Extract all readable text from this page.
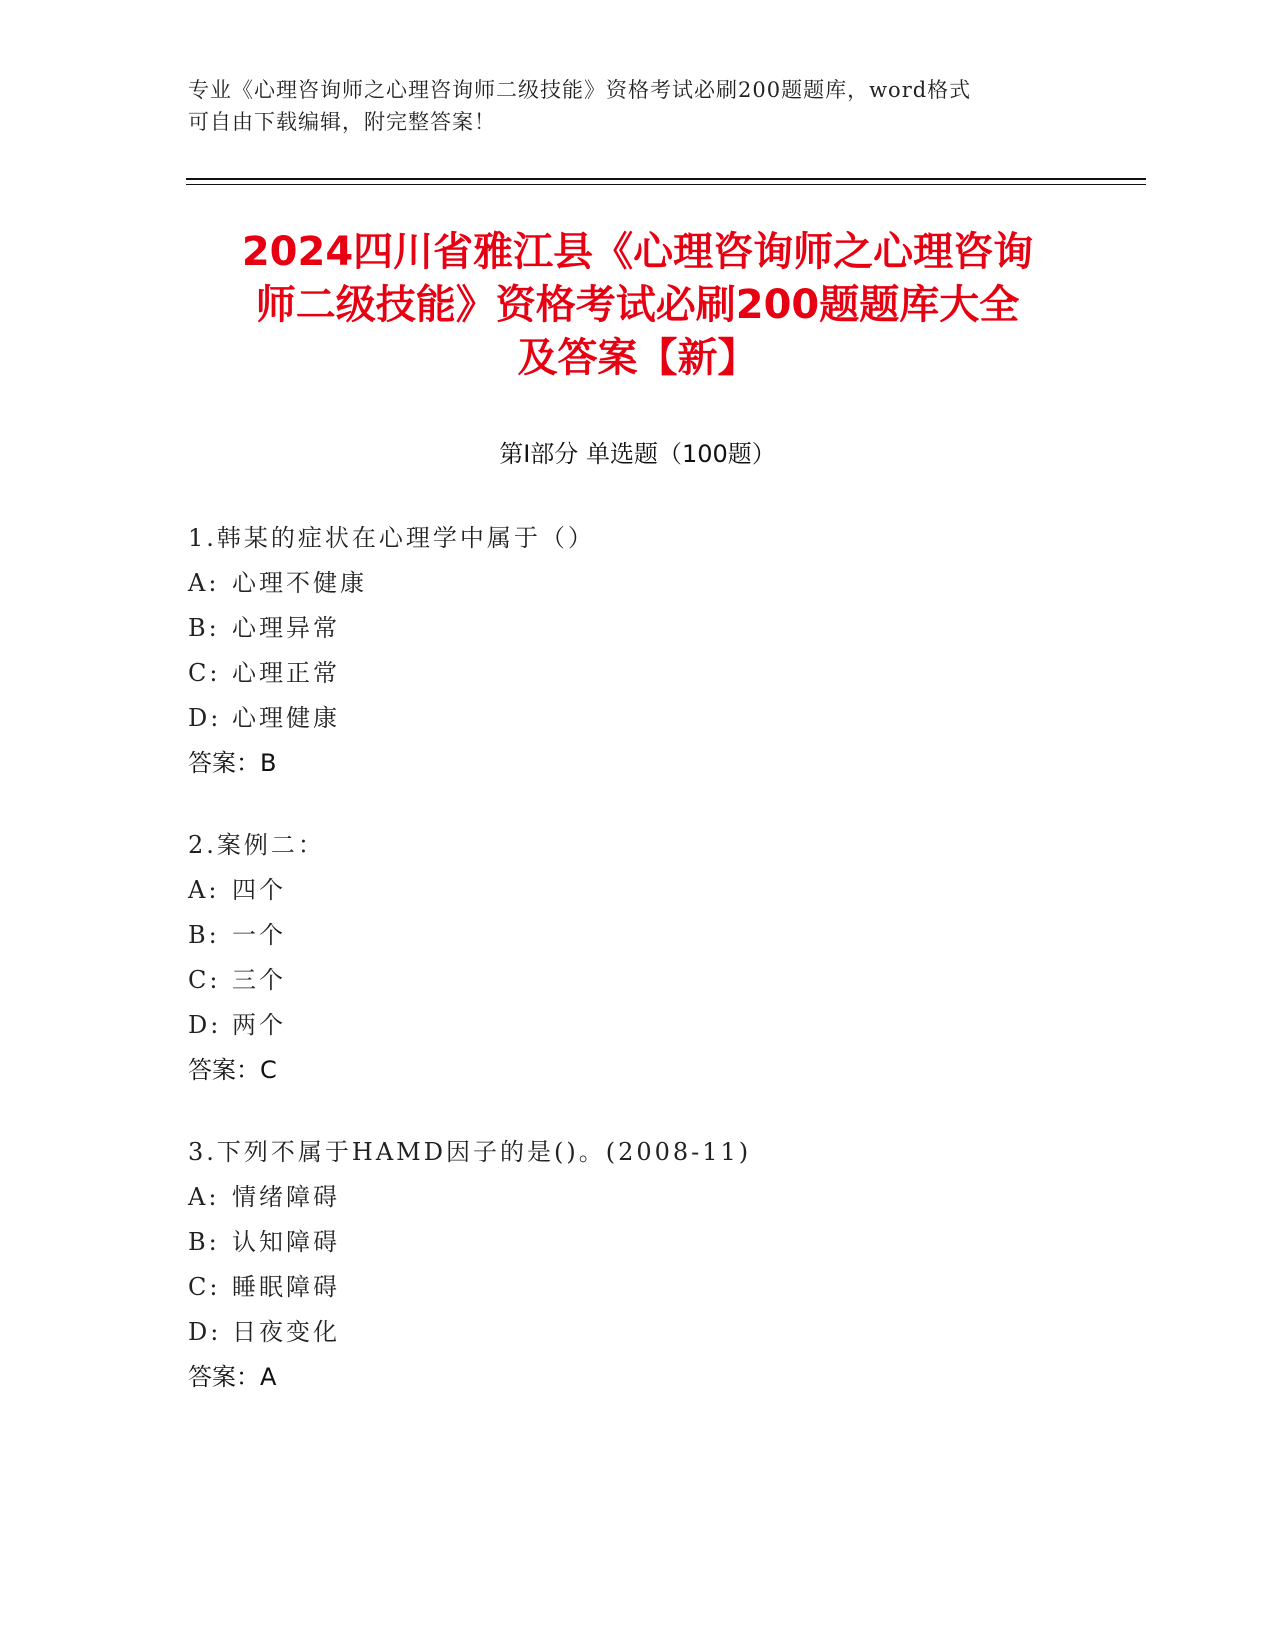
专业《心理咨询师之心理咨询师二级技能》资格考试必刷200题题库，word格式
可自由下载编辑，附完整答案！
2024四川省雅江县《心理咨询师之心理咨询
师二级技能》资格考试必刷200题题库大全
及答案【新】
第Ⅰ部分 单选题（100题）
1.韩某的症状在心理学中属于（）
A: 心理不健康
B: 心理异常
C: 心理正常
D: 心理健康
答案：B
2.案例二：
A: 四个
B: 一个
C: 三个
D: 两个
答案：C
3.下列不属于HAMD因子的是()。(2008-11)
A: 情绪障碍
B: 认知障碍
C: 睡眠障碍
D: 日夜变化
答案：A
